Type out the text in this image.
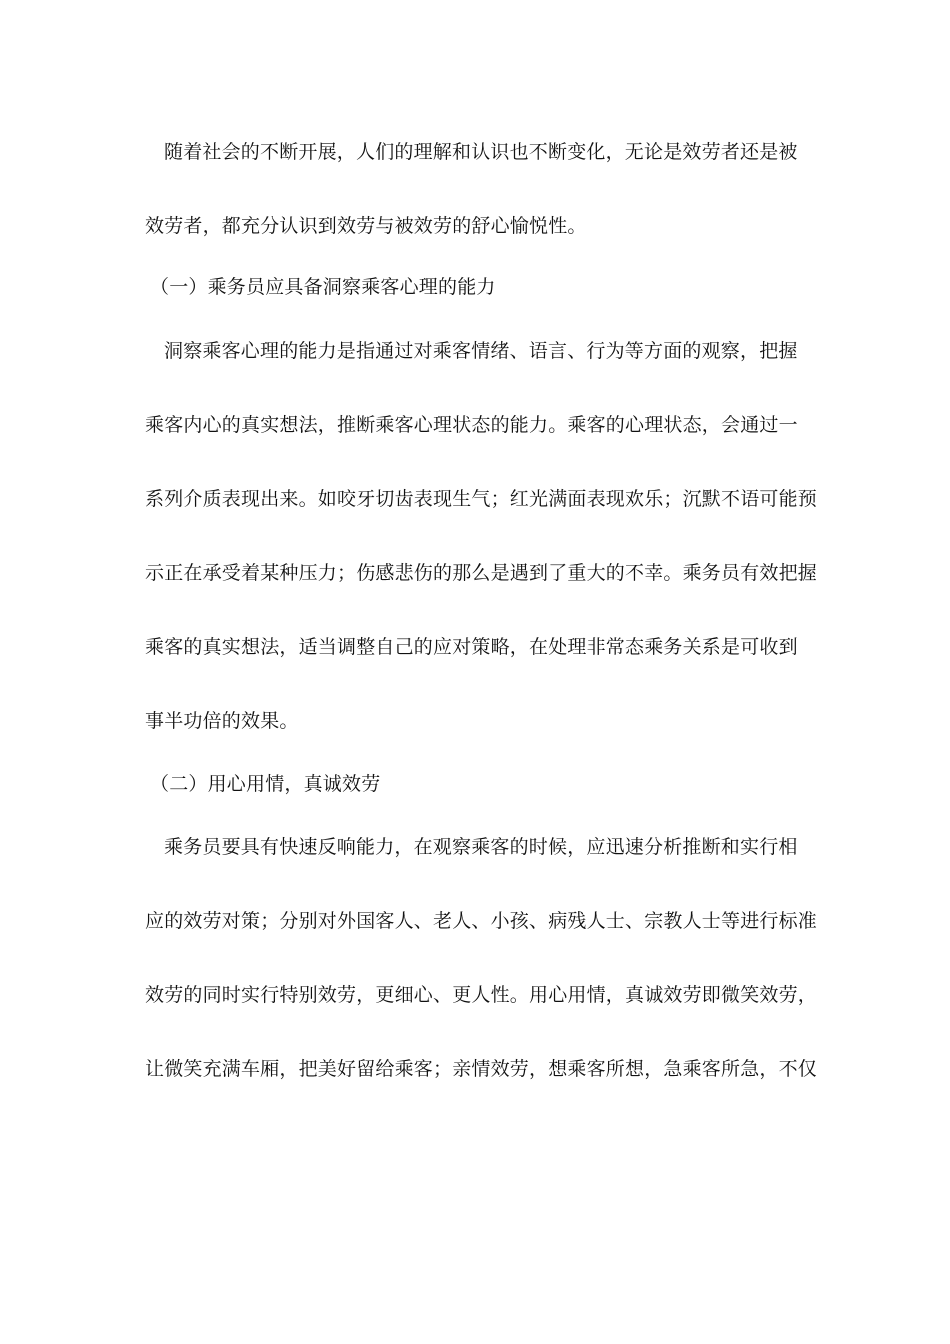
随着社会的不断开展，人们的理解和认识也不断变化，无论是效劳者还是被
效劳者，都充分认识到效劳与被效劳的舒心愉悦性。
（一）乘务员应具备洞察乘客心理的能力
洞察乘客心理的能力是指通过对乘客情绪、语言、行为等方面的观察，把握
乘客内心的真实想法，推断乘客心理状态的能力。乘客的心理状态，会通过一
系列介质表现出来。如咬牙切齿表现生气；红光满面表现欢乐；沉默不语可能预
示正在承受着某种压力；伤感悲伤的那么是遇到了重大的不幸。乘务员有效把握
乘客的真实想法，适当调整自己的应对策略，在处理非常态乘务关系是可收到
事半功倍的效果。
（二）用心用情，真诚效劳
乘务员要具有快速反响能力，在观察乘客的时候，应迅速分析推断和实行相
应的效劳对策；分别对外国客人、老人、小孩、病残人士、宗教人士等进行标准
效劳的同时实行特别效劳，更细心、更人性。用心用情，真诚效劳即微笑效劳，
让微笑充满车厢，把美好留给乘客；亲情效劳，想乘客所想，急乘客所急，不仅
